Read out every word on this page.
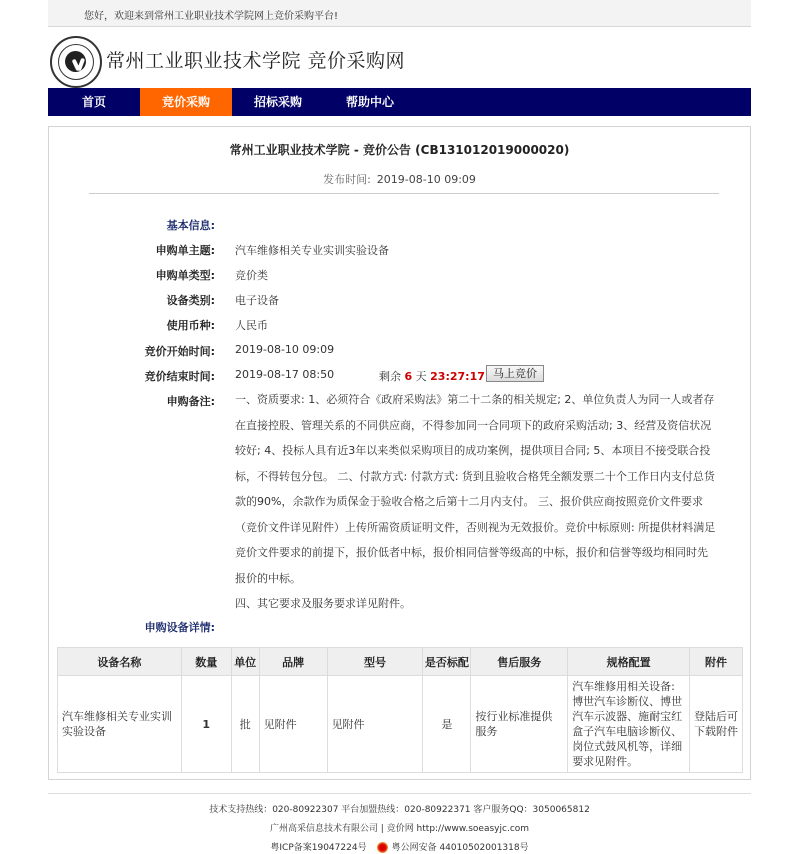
您好，欢迎来到常州工业职业技术学院网上竞价采购平台!
常州工业职业技术学院 竞价采购网
首页	竞价采购	招标采购	帮助中心
常州工业职业技术学院 - 竞价公告 (CB131012019000020)
发布时间: 2019-08-10 09:09
基本信息:
申购单主题: 汽车维修相关专业实训实验设备
申购单类型: 竞价类
设备类别: 电子设备
使用币种: 人民币
竞价开始时间: 2019-08-10 09:09
竞价结束时间: 2019-08-17 08:50	剩余 6 天 23:27:17 马上竞价
申购备注: 一、资质要求: 1、必须符合《政府采购法》第二十二条的相关规定; 2、单位负责人为同一人或者存在直接控股、管理关系的不同供应商，不得参加同一合同项下的政府采购活动; 3、经营及资信状况较好; 4、投标人具有近3年以来类似采购项目的成功案例，提供项目合同; 5、本项目不接受联合投标，不得转包分包。 二、付款方式: 付款方式: 货到且验收合格凭全额发票二十个工作日内支付总货款的90%，余款作为质保金于验收合格之后第十二月内支付。 三、报价供应商按照竞价文件要求（竞价文件详见附件）上传所需资质证明文件，否则视为无效报价。竞价中标原则: 所提供材料满足竞价文件要求的前提下，报价低者中标，报价相同信誉等级高的中标，报价和信誉等级均相同时先报价的中标。
四、其它要求及服务要求详见附件。
申购设备详情:
设备名称	数量	单位	品牌	型号	是否标配	售后服务	规格配置	附件
汽车维修相关专业实训实验设备	1	批	见附件	见附件	是	按行业标准提供服务	汽车维修用相关设备: 博世汽车诊断仪、博世汽车示波器、施耐宝红盒子汽车电脑诊断仪、岗位式鼓风机等，详细要求见附件。	登陆后可下载附件
技术支持热线：020-80922307 平台加盟热线：020-80922371 客户服务QQ：3050065812
广州高采信息技术有限公司 | 竞价网 http://www.soeasyjc.com
粤ICP备案19047224号	粤公网安备 44010502001318号
